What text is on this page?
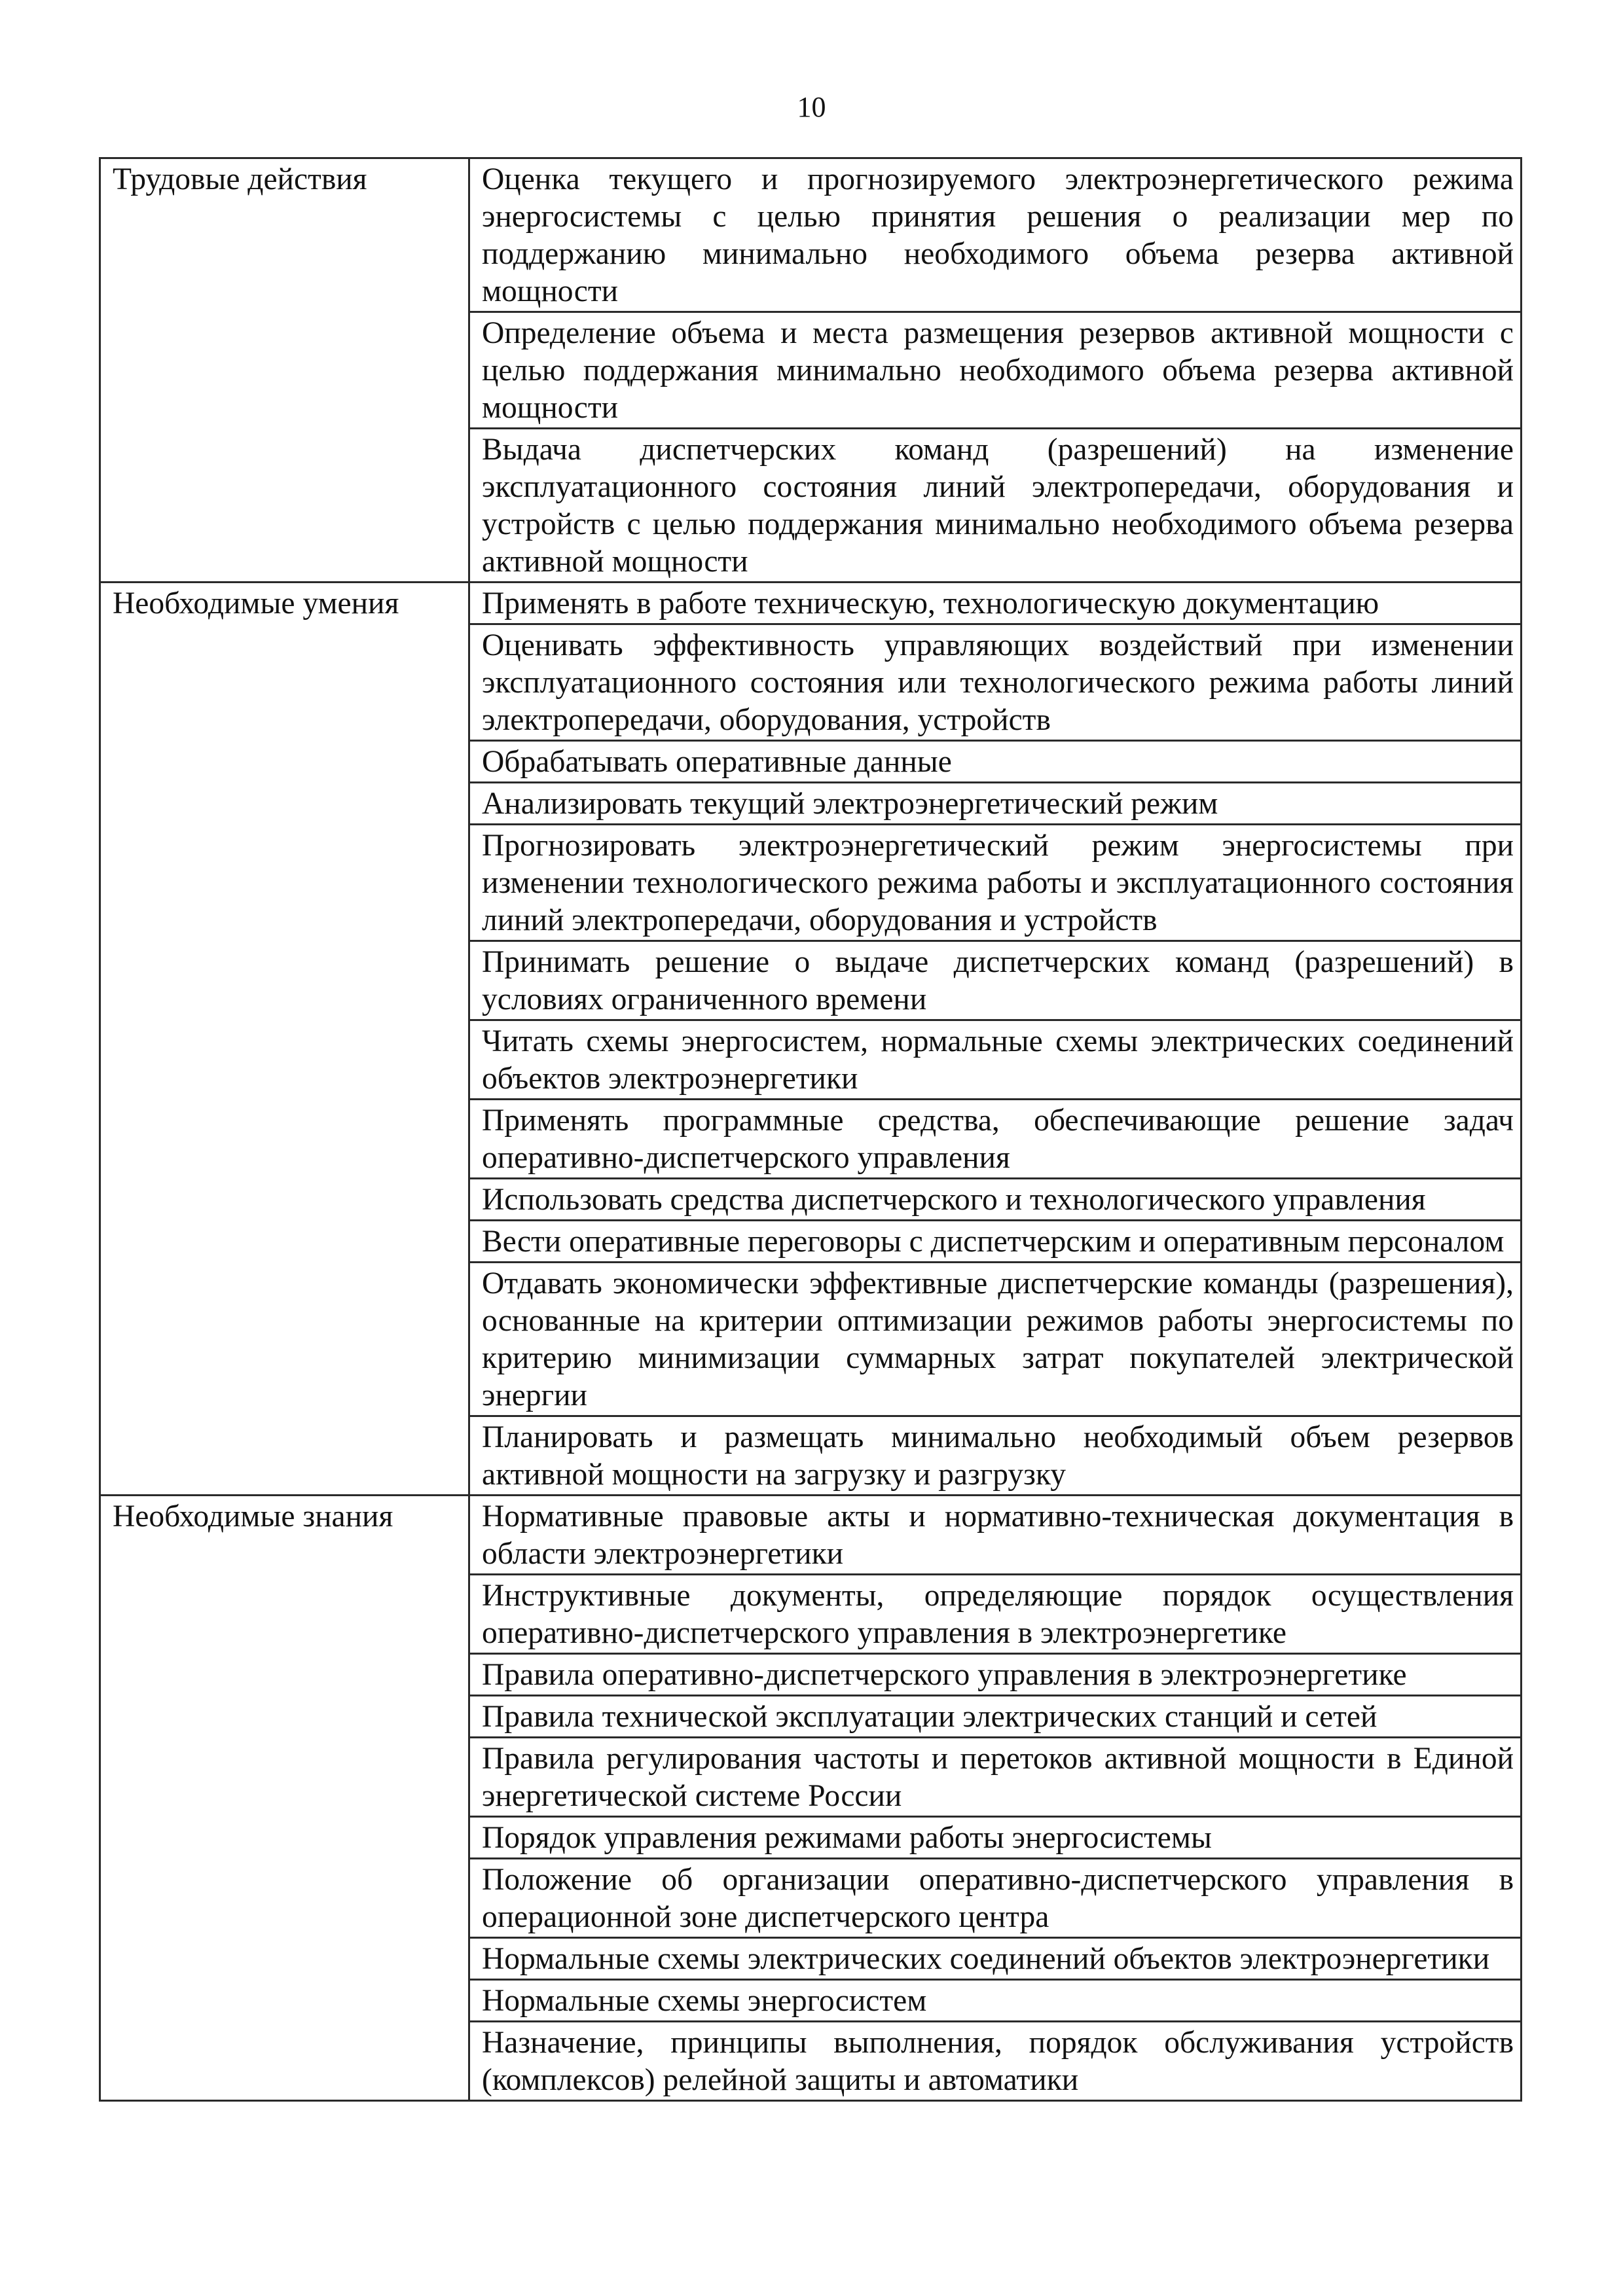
10
Трудовые действия	Оценка текущего и прогнозируемого электроэнергетического режима энергосистемы с целью принятия решения о реализации мер по поддержанию минимально необходимого объема резерва активной мощности
	Определение объема и места размещения резервов активной мощности с целью поддержания минимально необходимого объема резерва активной мощности
	Выдача диспетчерских команд (разрешений) на изменение эксплуатационного состояния линий электропередачи, оборудования и устройств с целью поддержания минимально необходимого объема резерва активной мощности
Необходимые умения	Применять в работе техническую, технологическую документацию
	Оценивать эффективность управляющих воздействий при изменении эксплуатационного состояния или технологического режима работы линий электропередачи, оборудования, устройств
	Обрабатывать оперативные данные
	Анализировать текущий электроэнергетический режим
	Прогнозировать электроэнергетический режим энергосистемы при изменении технологического режима работы и эксплуатационного состояния линий электропередачи, оборудования и устройств
	Принимать решение о выдаче диспетчерских команд (разрешений) в условиях ограниченного времени
	Читать схемы энергосистем, нормальные схемы электрических соединений объектов электроэнергетики
	Применять программные средства, обеспечивающие решение задач оперативно-диспетчерского управления
	Использовать средства диспетчерского и технологического управления
	Вести оперативные переговоры с диспетчерским и оперативным персоналом
	Отдавать экономически эффективные диспетчерские команды (разрешения), основанные на критерии оптимизации режимов работы энергосистемы по критерию минимизации суммарных затрат покупателей электрической энергии
	Планировать и размещать минимально необходимый объем резервов активной мощности на загрузку и разгрузку
Необходимые знания	Нормативные правовые акты и нормативно-техническая документация в области электроэнергетики
	Инструктивные документы, определяющие порядок осуществления оперативно-диспетчерского управления в электроэнергетике
	Правила оперативно-диспетчерского управления в электроэнергетике
	Правила технической эксплуатации электрических станций и сетей
	Правила регулирования частоты и перетоков активной мощности в Единой энергетической системе России
	Порядок управления режимами работы энергосистемы
	Положение об организации оперативно-диспетчерского управления в операционной зоне диспетчерского центра
	Нормальные схемы электрических соединений объектов электроэнергетики
	Нормальные схемы энергосистем
	Назначение, принципы выполнения, порядок обслуживания устройств (комплексов) релейной защиты и автоматики
